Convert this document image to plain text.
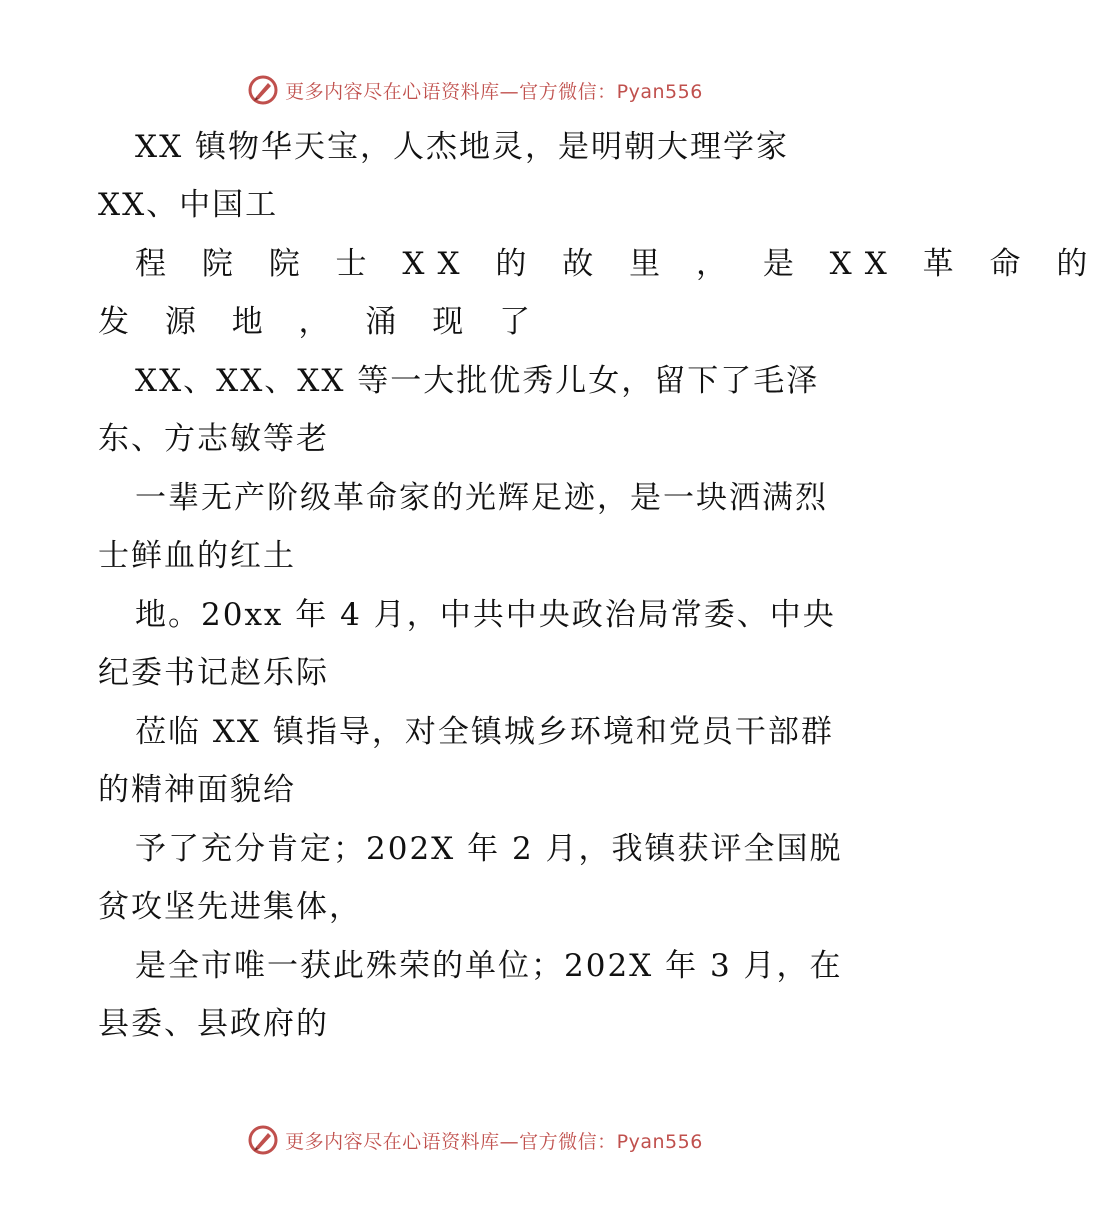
更多内容尽在心语资料库—官方微信：Pyan556
XX 镇物华天宝，人杰地灵，是明朝大理学家
XX、中国工
程 院 院 士 XX 的 故 里 ， 是 XX 革 命 的
发 源 地 ， 涌 现 了
XX、XX、XX 等一大批优秀儿女，留下了毛泽
东、方志敏等老
一辈无产阶级革命家的光辉足迹，是一块洒满烈
士鲜血的红土
地。20xx 年 4 月，中共中央政治局常委、中央
纪委书记赵乐际
莅临 XX 镇指导，对全镇城乡环境和党员干部群
的精神面貌给
予了充分肯定；202X 年 2 月，我镇获评全国脱
贫攻坚先进集体，
是全市唯一获此殊荣的单位；202X 年 3 月，在
县委、县政府的
更多内容尽在心语资料库—官方微信：Pyan556
